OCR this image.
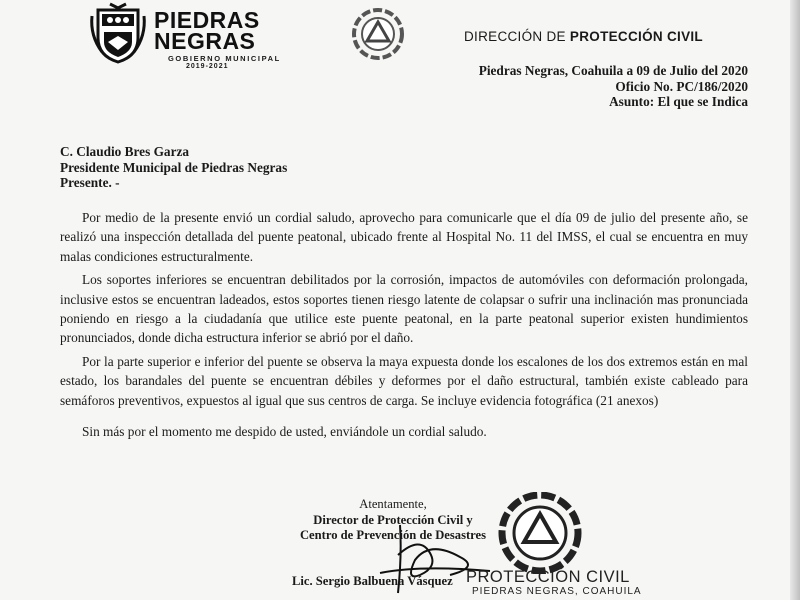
PIEDRAS
NEGRAS
GOBIERNO MUNICIPAL
2019-2021
DIRECCIÓN DE PROTECCIÓN CIVIL
Piedras Negras, Coahuila a 09 de Julio del 2020
Oficio No. PC/186/2020
Asunto: El que se Indica
C. Claudio Bres Garza
Presidente Municipal de Piedras Negras
Presente. -

Por medio de la presente envió un cordial saludo, aprovecho para comunicarle que el día 09 de julio del presente año, se realizó una inspección detallada del puente peatonal, ubicado frente al Hospital No. 11 del IMSS, el cual se encuentra en muy malas condiciones estructuralmente.

Los soportes inferiores se encuentran debilitados por la corrosión, impactos de automóviles con deformación prolongada, inclusive estos se encuentran ladeados, estos soportes tienen riesgo latente de colapsar o sufrir una inclinación mas pronunciada poniendo en riesgo a la ciudadanía que utilice este puente peatonal, en la parte peatonal superior existen hundimientos pronunciados, donde dicha estructura inferior se abrió por el daño.

Por la parte superior e inferior del puente se observa la maya expuesta donde los escalones de los dos extremos están en mal estado, los barandales del puente se encuentran débiles y deformes por el daño estructural, también existe cableado para semáforos preventivos, expuestos al igual que sus centros de carga. Se incluye evidencia fotográfica (21 anexos)

Sin más por el momento me despido de usted, enviándole un cordial saludo.

Atentamente,
Director de Protección Civil y
Centro de Prevención de Desastres
Lic. Sergio Balbuena Vásquez PROTECCIÓN CIVIL
PIEDRAS NEGRAS, COAHUILA
